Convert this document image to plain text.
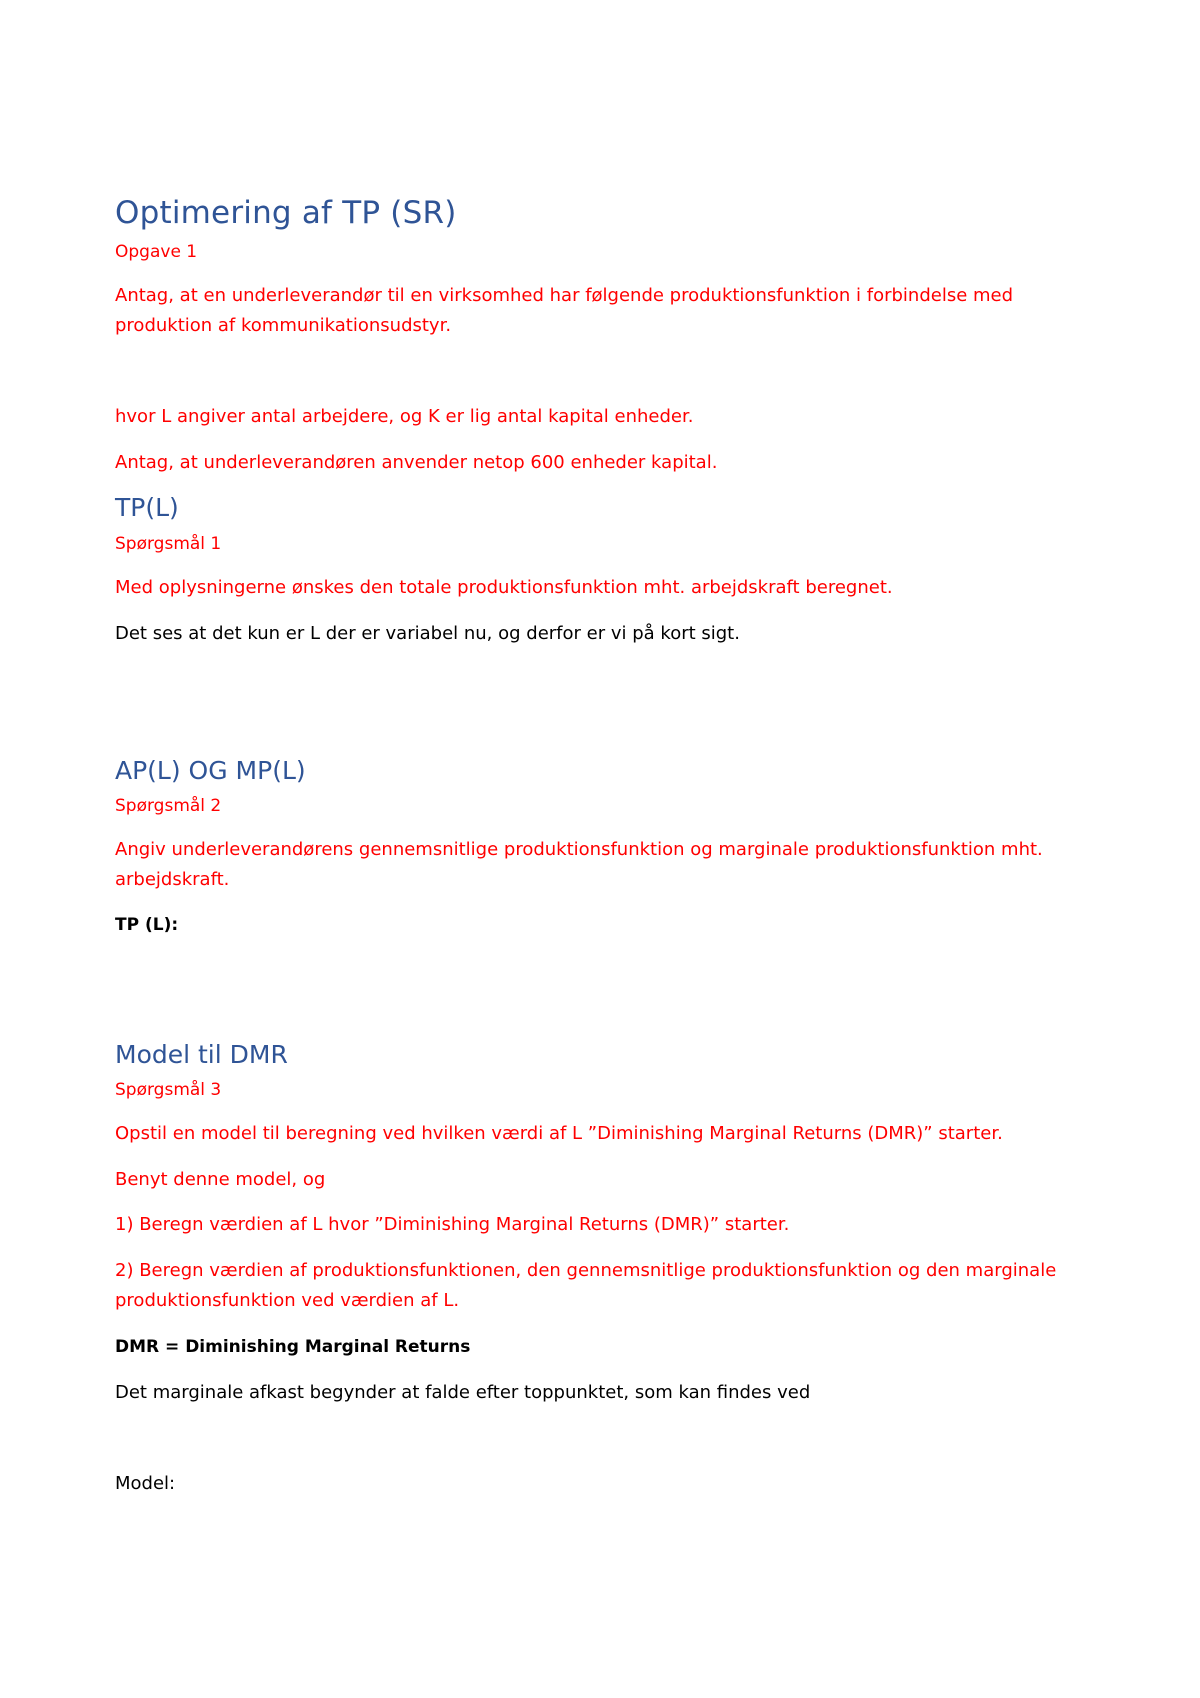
Optimering af TP (SR)
Opgave 1
Antag, at en underleverandør til en virksomhed har følgende produktionsfunktion i forbindelse med
produktion af kommunikationsudstyr.
hvor L angiver antal arbejdere, og K er lig antal kapital enheder.
Antag, at underleverandøren anvender netop 600 enheder kapital.
TP(L)
Spørgsmål 1
Med oplysningerne ønskes den totale produktionsfunktion mht. arbejdskraft beregnet.
Det ses at det kun er L der er variabel nu, og derfor er vi på kort sigt.
AP(L) OG MP(L)
Spørgsmål 2
Angiv underleverandørens gennemsnitlige produktionsfunktion og marginale produktionsfunktion mht.
arbejdskraft.
TP (L):
Model til DMR
Spørgsmål 3
Opstil en model til beregning ved hvilken værdi af L ”Diminishing Marginal Returns (DMR)” starter.
Benyt denne model, og
1) Beregn værdien af L hvor ”Diminishing Marginal Returns (DMR)” starter.
2) Beregn værdien af produktionsfunktionen, den gennemsnitlige produktionsfunktion og den marginale
produktionsfunktion ved værdien af L.
DMR = Diminishing Marginal Returns
Det marginale afkast begynder at falde efter toppunktet, som kan findes ved
Model:
